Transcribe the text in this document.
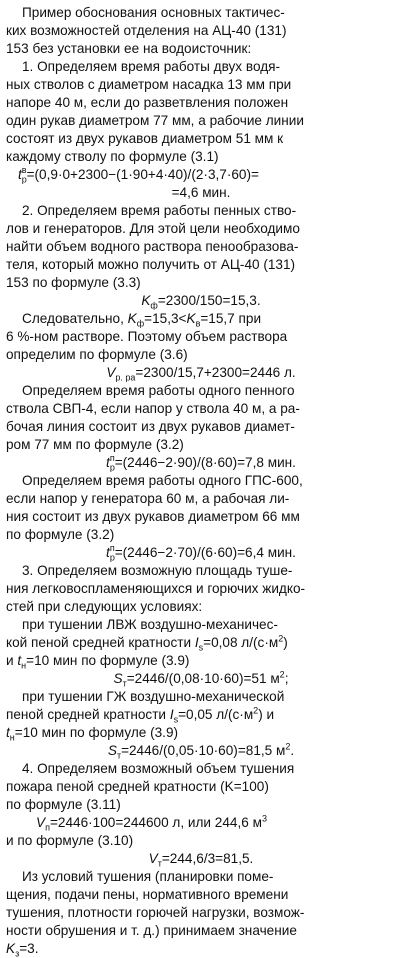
Пример обоснования основных тактичес-
ких возможностей отделения на АЦ-40 (131)
153 без установки ее на водоисточник:
1. Определяем время работы двух водя-
ных стволов с диаметром насадка 13 мм при
напоре 40 м, если до разветвления положен
один рукав диаметром 77 мм, а рабочие линии
состоят из двух рукавов диаметром 51 мм к
каждому стволу по формуле (3.1)
$t_р^в=(0,9\cdot 0+2300-(1\cdot 90+4\cdot 40)/(2\cdot 3,7\cdot 60)=$
=4,6 мин.
2. Определяем время работы пенных ство-
лов и генераторов. Для этой цели необходимо
найти объем водного раствора пенообразова-
теля, который можно получить от АЦ-40 (131)
153 по формуле (3.3)
$K_ф=2300/150=15,3$.
Следовательно, $K_ф=15,3<K_в=15,7$ при
6 %-ном растворе. Поэтому объем раствора
определим по формуле (3.6)
$V_{р. ра}=2300/15,7+2300=2446$ л.
Определяем время работы одного пенного
ствола СВП-4, если напор у ствола 40 м, а ра-
бочая линия состоит из двух рукавов диамет-
ром 77 мм по формуле (3.2)
$t_р^п=(2446-2\cdot 90)/(8\cdot 60)=7,8$ мин.
Определяем время работы одного ГПС-600,
если напор у генератора 60 м, а рабочая ли-
ния состоит из двух рукавов диаметром 66 мм
по формуле (3.2)
$t_р^п=(2446-2\cdot 70)/(6\cdot 60)=6,4$ мин.
3. Определяем возможную площадь туше-
ния легковоспламеняющихся и горючих жидко-
стей при следующих условиях:
при тушении ЛВЖ воздушно-механичес-
кой пеной средней кратности $I_s=0,08$ $л/(с\cdot м^2)$
и $t_н=10$ мин по формуле (3.9)
$S_т=2446/(0,08\cdot 10\cdot 60)=51$ $м^2$;
при тушении ГЖ воздушно-механической
пеной средней кратности $I_s=0,05$ $л/(с\cdot м^2)$ и
$t_н=10$ мин по формуле (3.9)
$S_т=2446/(0,05\cdot 10\cdot 60)=81,5$ $м^2$.
4. Определяем возможный объем тушения
пожара пеной средней кратности (K=100)
по формуле (3.11)
$V_п=2446\cdot 100=244600$ л, или 244,6 $м^3$
и по формуле (3.10)
$V_т=244,6/3=81,5$.
Из условий тушения (планировки поме-
щения, подачи пены, нормативного времени
тушения, плотности горючей нагрузки, возмож-
ности обрушения и т. д.) принимаем значение
$K_з=3$.
